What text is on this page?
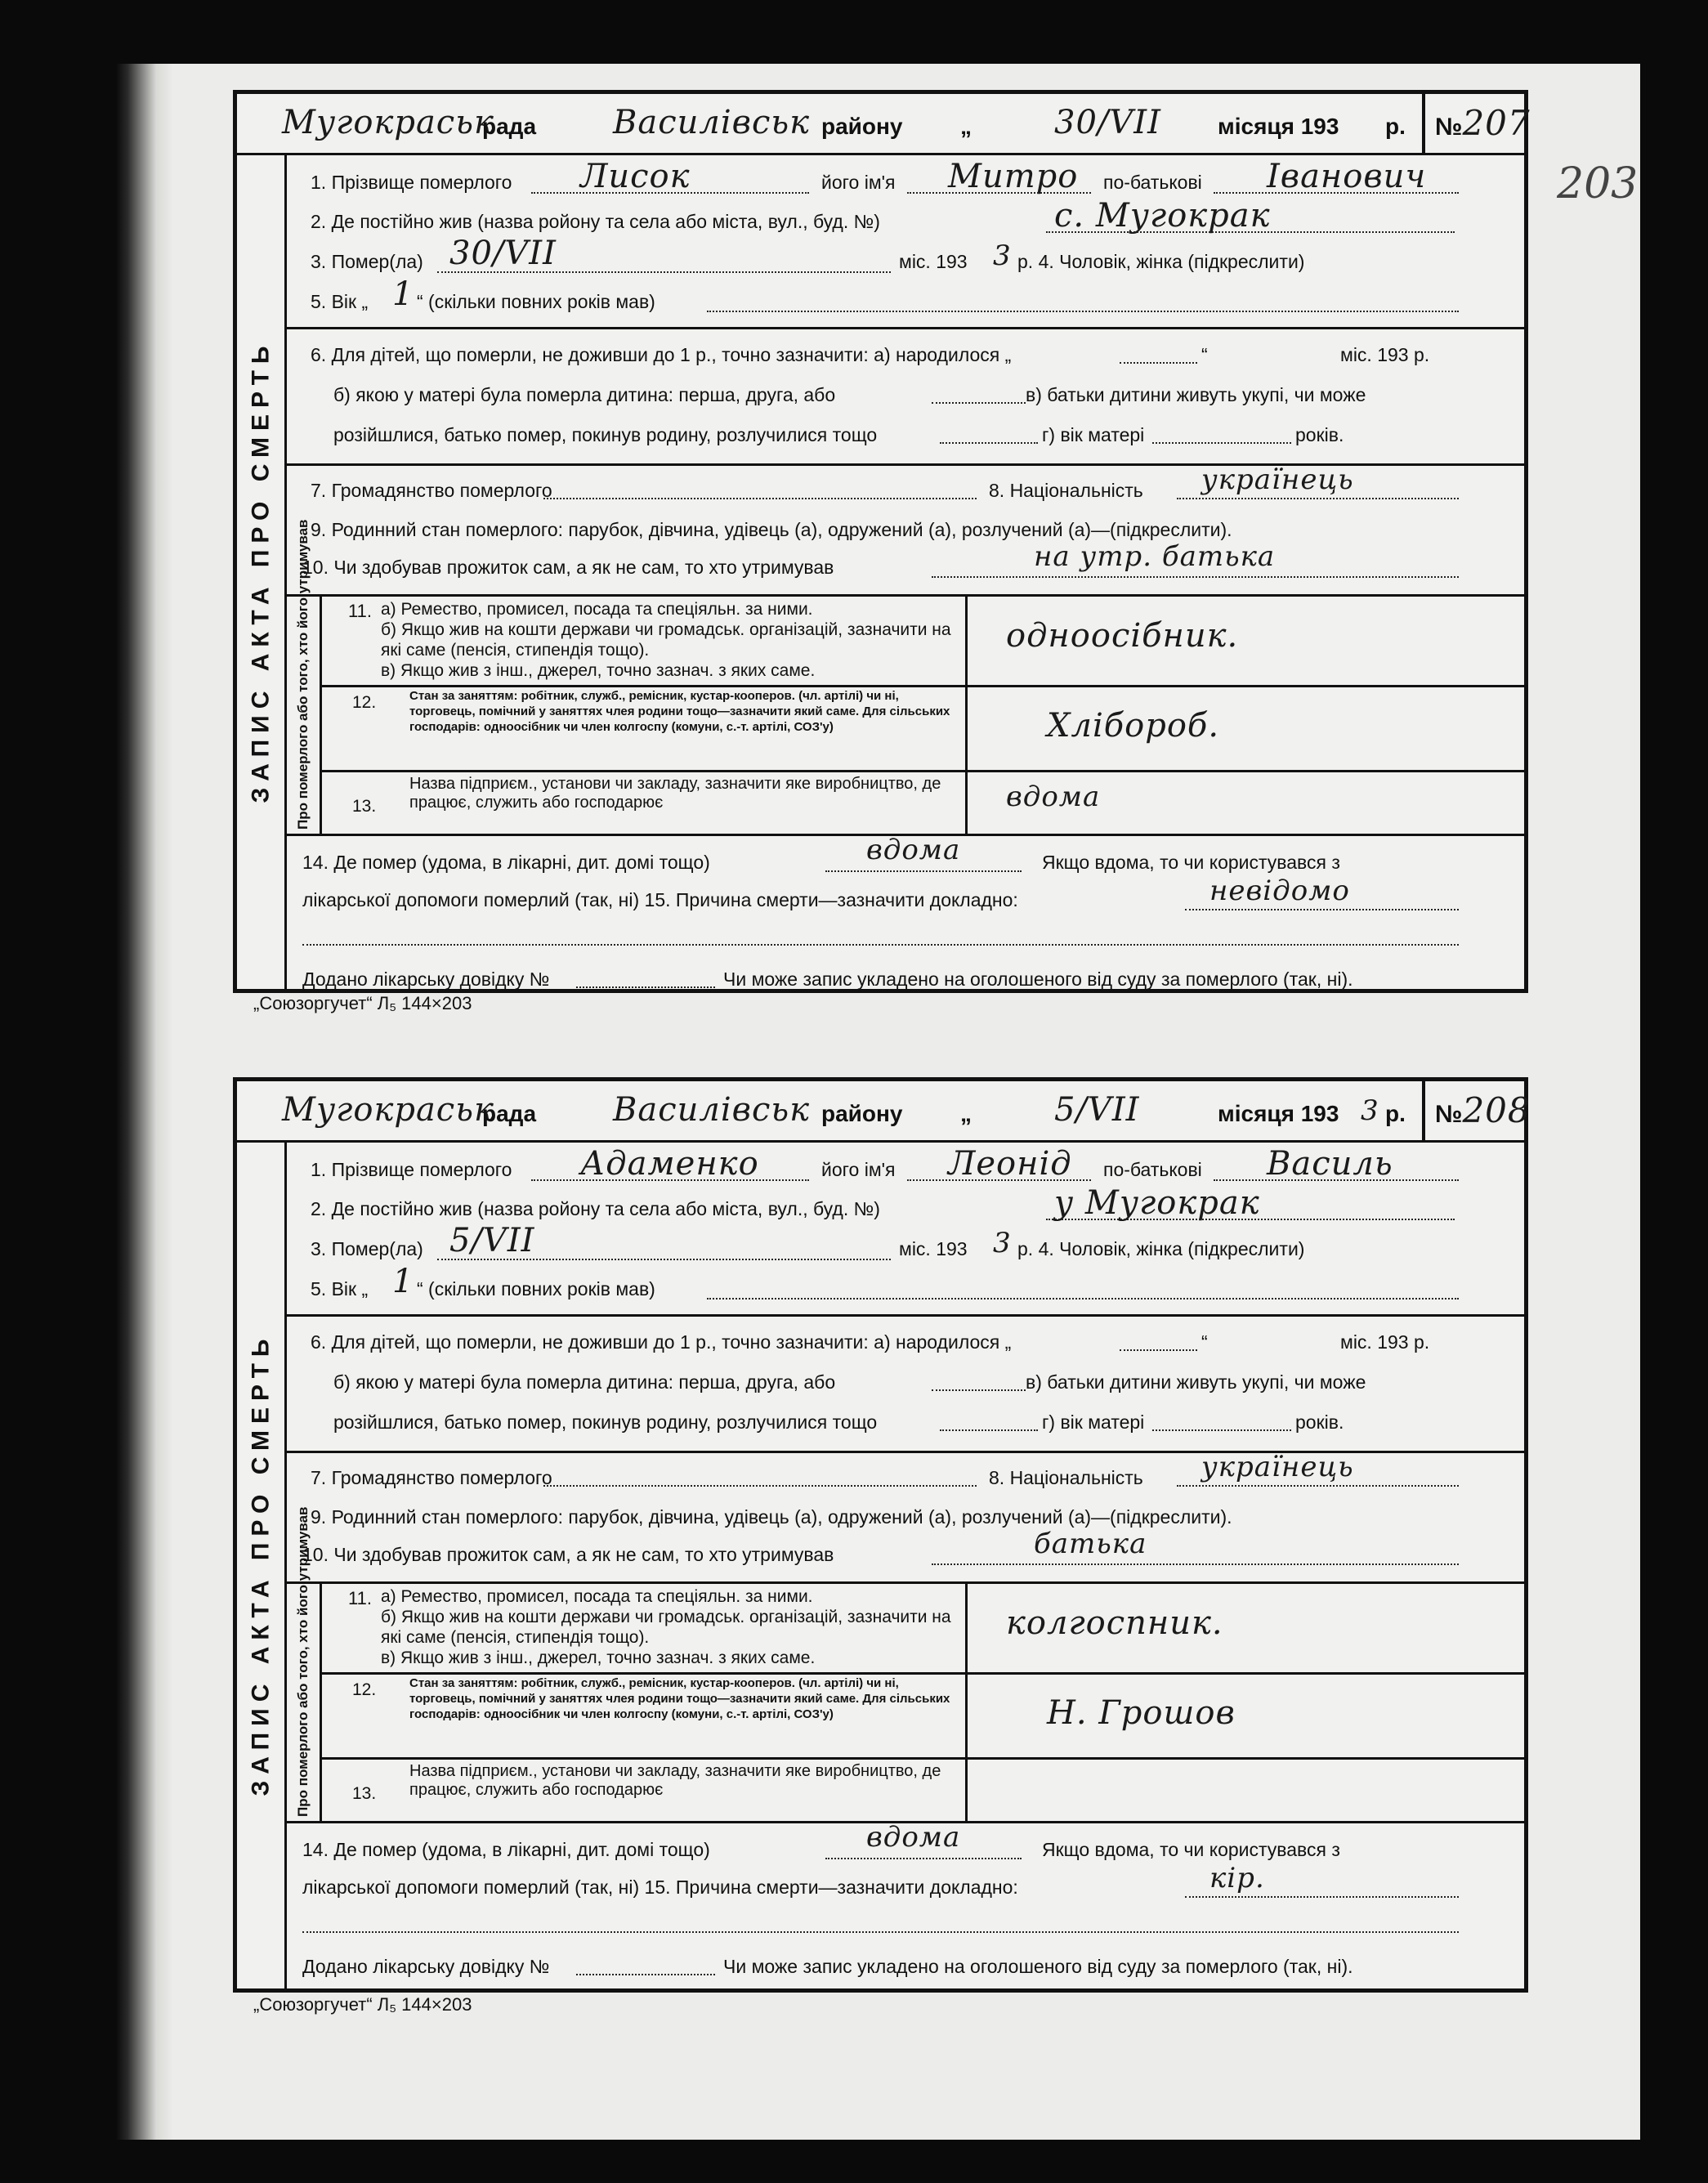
203
Мугокраськ
рада Василівськ району	„	30/VII місяця 193 р.	№207
ЗАПИС АКТА ПРО СМЕРТЬ
1. Прізвище померлого Лисок	його ім'я Митро по-батькові Іванович
2. Де постійно жив (назва ройону та села або міста, вул., буд. №)	с. Мугокрак
3. Помер(ла) 30/VII	міс. 193 3 р. 4. Чоловік, жінка (підкреслити)
5. Вік „ 1 “ (скільки повних років мав)
6. Для дітей, що померли, не доживши до 1 р., точно зазначити: а) народилося „	“	міс. 193 р.
б) якою у матері була померла дитина: перша, друга, або	в) батьки дитини живуть укупі, чи може
розійшлися, батько помер, покинув родину, розлучилися тощо	г) вік матері	років.
7. Громадянство померлого	8. Національність українець
9. Родинний стан померлого: парубок, дівчина, удівець (а), одружений (а), розлучений (а)—(підкреслити).
10. Чи здобував прожиток сам, а як не сам, то хто утримував	на утр. батька
Про померлого або того, хто його утримував 11. а) Ремество, промисел, посада та спеціяльн. за ними.
б) Якщо жив на кошти держави чи громадськ. організацій, зазначити на які саме (пенсія, стипендія тощо).
в) Якщо жив з інш., джерел, точно зазнач. з яких саме.
одноосібник.
12.	Стан за заняттям: робітник, служб., ремісник, кустар-кооперов. (чл. артілі) чи ні, торговець, помічний у заняттях члея родини тощо—зазначити який саме. Для сільських господарів: одноосібник чи член колгоспу (комуни, с.-т. артілі, СОЗ'у)	Хлібороб.
13.
Назва підприєм., установи чи закладу, зазначити яке виробництво, де працює, служить або господарює	вдома
14. Де помер (удома, в лікарні, дит. домі тощо)	вдома	Якщо вдома, то чи користувався з
лікарської допомоги померлий (так, ні) 15. Причина смерти—зазначити докладно:	невідомо
Додано лікарську довідку №	Чи може запис укладено на оголошеного від суду за померлого (так, ні).
„Союзоргучет“ Л₅ 144×203
Мугокраськ
рада Василівськ району	„	5/VII	місяця 193 3 р.	№208
ЗАПИС АКТА ПРО СМЕРТЬ
1. Прізвище померлого Адаменко	його ім'я Леонід по-батькові Василь
2. Де постійно жив (назва ройону та села або міста, вул., буд. №)	у Мугокрак
3. Помер(ла) 5/VII	міс. 193 3 р. 4. Чоловік, жінка (підкреслити)
5. Вік „ 1 “ (скільки повних років мав)
6. Для дітей, що померли, не доживши до 1 р., точно зазначити: а) народилося „	“	міс. 193 р.
б) якою у матері була померла дитина: перша, друга, або	в) батьки дитини живуть укупі, чи може
розійшлися, батько помер, покинув родину, розлучилися тощо	г) вік матері	років.
7. Громадянство померлого	8. Національність українець
9. Родинний стан померлого: парубок, дівчина, удівець (а), одружений (а), розлучений (а)—(підкреслити).
10. Чи здобував прожиток сам, а як не сам, то хто утримував	батька
Про померлого або того, хто його утримував 11. а) Ремество, промисел, посада та спеціяльн. за ними.
б) Якщо жив на кошти держави чи громадськ. організацій, зазначити на які саме (пенсія, стипендія тощо).
в) Якщо жив з інш., джерел, точно зазнач. з яких саме.
колгоспник.
12.	Стан за заняттям: робітник, служб., ремісник, кустар-кооперов. (чл. артілі) чи ні, торговець, помічний у заняттях члея родини тощо—зазначити який саме. Для сільських господарів: одноосібник чи член колгоспу (комуни, с.-т. артілі, СОЗ'у)	Н. Грошов
13.
Назва підприєм., установи чи закладу, зазначити яке виробництво, де працює, служить або господарює
14. Де помер (удома, в лікарні, дит. домі тощо)	вдома	Якщо вдома, то чи користувався з
лікарської допомоги померлий (так, ні) 15. Причина смерти—зазначити докладно:	кір.
Додано лікарську довідку №	Чи може запис укладено на оголошеного від суду за померлого (так, ні).
„Союзоргучет“ Л₅ 144×203
